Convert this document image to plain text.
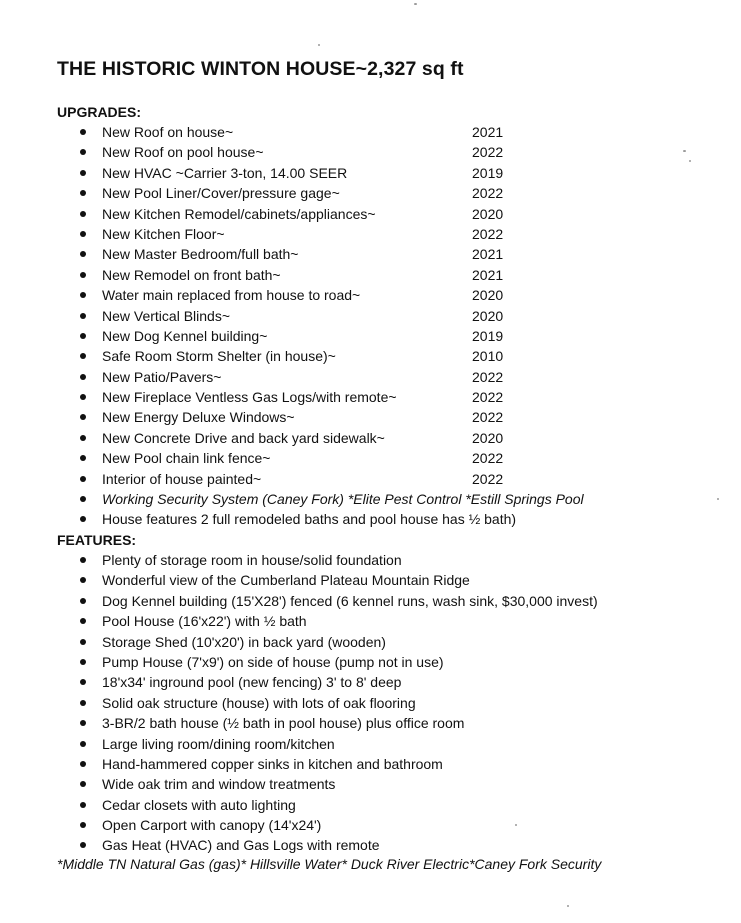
THE HISTORIC WINTON HOUSE~2,327 sq ft
UPGRADES:
New Roof on house~	2021
New Roof on pool house~	2022
New HVAC ~Carrier 3-ton, 14.00 SEER	2019
New Pool Liner/Cover/pressure gage~	2022
New Kitchen Remodel/cabinets/appliances~	2020
New Kitchen Floor~	2022
New Master Bedroom/full bath~	2021
New Remodel on front bath~	2021
Water main replaced from house to road~	2020
New Vertical Blinds~	2020
New Dog Kennel building~	2019
Safe Room Storm Shelter (in house)~	2010
New Patio/Pavers~	2022
New Fireplace Ventless Gas Logs/with remote~	2022
New Energy Deluxe Windows~	2022
New Concrete Drive and back yard sidewalk~	2020
New Pool chain link fence~	2022
Interior of house painted~	2022
Working Security System (Caney Fork) *Elite Pest Control *Estill Springs Pool
House features 2 full remodeled baths and pool house has ½ bath)
FEATURES:
Plenty of storage room in house/solid foundation
Wonderful view of the Cumberland Plateau Mountain Ridge
Dog Kennel building (15'X28') fenced (6 kennel runs, wash sink, $30,000 invest)
Pool House (16'x22') with ½ bath
Storage Shed (10'x20') in back yard (wooden)
Pump House (7'x9') on side of house (pump not in use)
18'x34' inground pool (new fencing) 3' to 8' deep
Solid oak structure (house) with lots of oak flooring
3-BR/2 bath house (½ bath in pool house) plus office room
Large living room/dining room/kitchen
Hand-hammered copper sinks in kitchen and bathroom
Wide oak trim and window treatments
Cedar closets with auto lighting
Open Carport with canopy (14'x24')
Gas Heat (HVAC) and Gas Logs with remote
*Middle TN Natural Gas (gas)* Hillsville Water* Duck River Electric*Caney Fork Security
